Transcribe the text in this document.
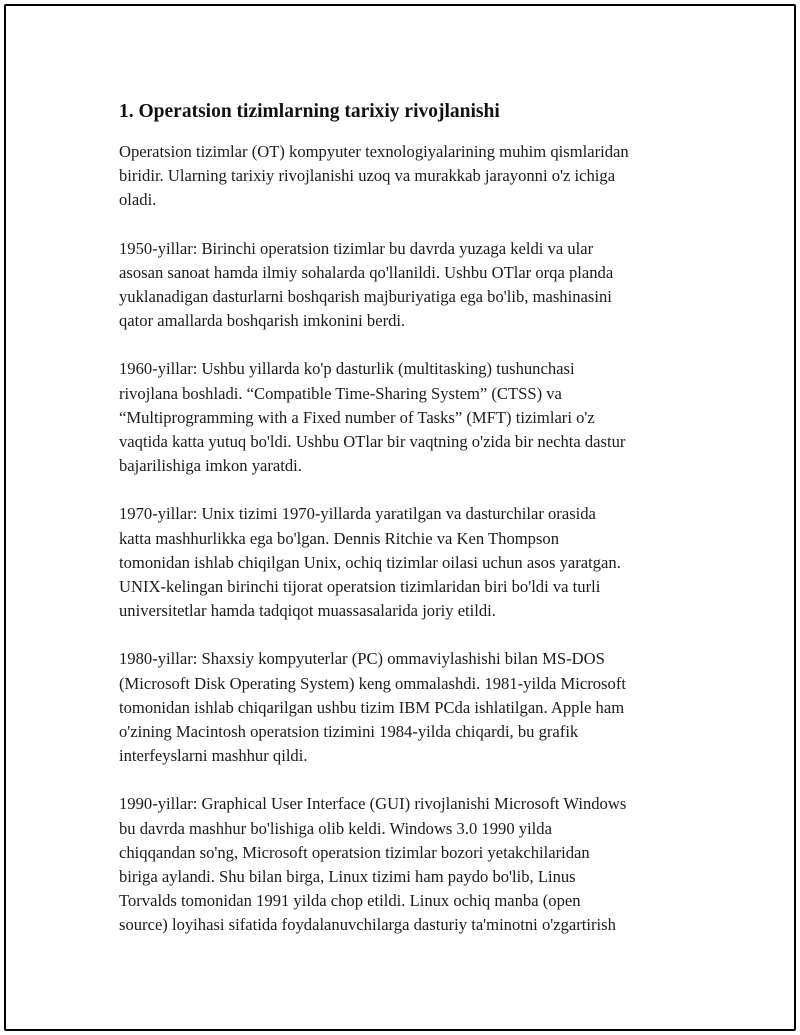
1. Operatsion tizimlarning tarixiy rivojlanishi

Operatsion tizimlar (OT) kompyuter texnologiyalarining muhim qismlaridan
biridir. Ularning tarixiy rivojlanishi uzoq va murakkab jarayonni o'z ichiga
oladi.

1950-yillar: Birinchi operatsion tizimlar bu davrda yuzaga keldi va ular
asosan sanoat hamda ilmiy sohalarda qo'llanildi. Ushbu OTlar orqa planda
yuklanadigan dasturlarni boshqarish majburiyatiga ega bo'lib, mashinasini
qator amallarda boshqarish imkonini berdi.

1960-yillar: Ushbu yillarda ko'p dasturlik (multitasking) tushunchasi
rivojlana boshladi. “Compatible Time-Sharing System” (CTSS) va
“Multiprogramming with a Fixed number of Tasks” (MFT) tizimlari o'z
vaqtida katta yutuq bo'ldi. Ushbu OTlar bir vaqtning o'zida bir nechta dastur
bajarilishiga imkon yaratdi.

1970-yillar: Unix tizimi 1970-yillarda yaratilgan va dasturchilar orasida
katta mashhurlikka ega bo'lgan. Dennis Ritchie va Ken Thompson
tomonidan ishlab chiqilgan Unix, ochiq tizimlar oilasi uchun asos yaratgan.
UNIX-kelingan birinchi tijorat operatsion tizimlaridan biri bo'ldi va turli
universitetlar hamda tadqiqot muassasalarida joriy etildi.

1980-yillar: Shaxsiy kompyuterlar (PC) ommaviylashishi bilan MS-DOS
(Microsoft Disk Operating System) keng ommalashdi. 1981-yilda Microsoft
tomonidan ishlab chiqarilgan ushbu tizim IBM PCda ishlatilgan. Apple ham
o'zining Macintosh operatsion tizimini 1984-yilda chiqardi, bu grafik
interfeyslarni mashhur qildi.

1990-yillar: Graphical User Interface (GUI) rivojlanishi Microsoft Windows
bu davrda mashhur bo'lishiga olib keldi. Windows 3.0 1990 yilda
chiqqandan so'ng, Microsoft operatsion tizimlar bozori yetakchilaridan
biriga aylandi. Shu bilan birga, Linux tizimi ham paydo bo'lib, Linus
Torvalds tomonidan 1991 yilda chop etildi. Linux ochiq manba (open
source) loyihasi sifatida foydalanuvchilarga dasturiy ta'minotni o'zgartirish
